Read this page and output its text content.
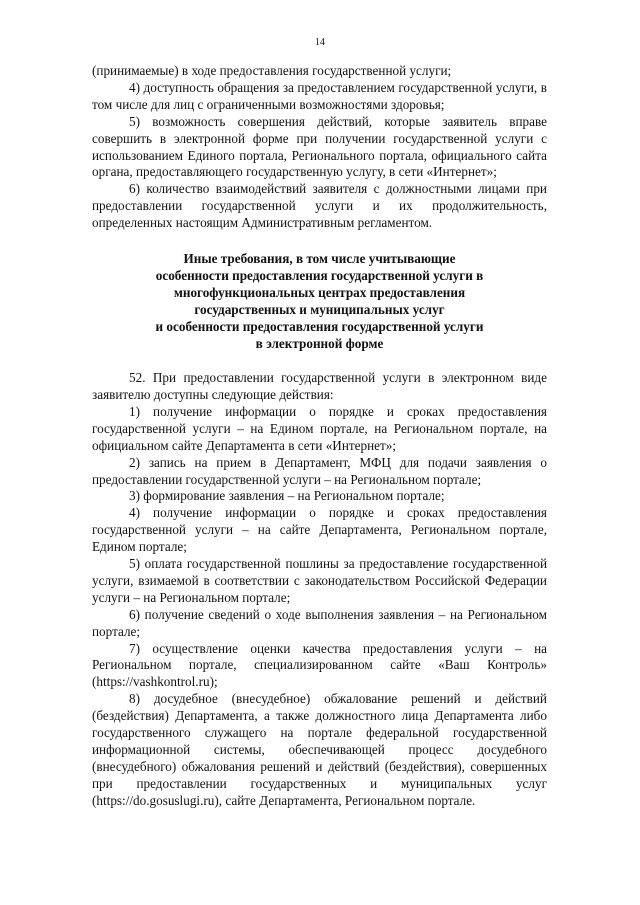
14

(принимаемые) в ходе предоставления государственной услуги;

4) доступность обращения за предоставлением государственной услуги, в том числе для лиц с ограниченными возможностями здоровья;

5) возможность совершения действий, которые заявитель вправе совершить в электронной форме при получении государственной услуги с использованием Единого портала, Регионального портала, официального сайта органа, предоставляющего государственную услугу, в сети «Интернет»;

6) количество взаимодействий заявителя с должностными лицами при предоставлении государственной услуги и их продолжительность, определенных настоящим Административным регламентом.

Иные требования, в том числе учитывающие
особенности предоставления государственной услуги в
многофункциональных центрах предоставления
государственных и муниципальных услуг
и особенности предоставления государственной услуги
в электронной форме

52. При предоставлении государственной услуги в электронном виде заявителю доступны следующие действия:

1) получение информации о порядке и сроках предоставления государственной услуги – на Едином портале, на Региональном портале, на официальном сайте Департамента в сети «Интернет»;

2) запись на прием в Департамент, МФЦ для подачи заявления о предоставлении государственной услуги – на Региональном портале;

3) формирование заявления – на Региональном портале;

4) получение информации о порядке и сроках предоставления государственной услуги – на сайте Департамента, Региональном портале, Едином портале;

5) оплата государственной пошлины за предоставление государственной услуги, взимаемой в соответствии с законодательством Российской Федерации услуги – на Региональном портале;

6) получение сведений о ходе выполнения заявления – на Региональном портале;

7) осуществление оценки качества предоставления услуги – на Региональном портале, специализированном сайте «Ваш Контроль» (https://vashkontrol.ru);

8) досудебное (внесудебное) обжалование решений и действий (бездействия) Департамента, а также должностного лица Департамента либо государственного служащего на портале федеральной государственной информационной системы, обеспечивающей процесс досудебного (внесудебного) обжалования решений и действий (бездействия), совершенных при предоставлении государственных и муниципальных услуг (https://do.gosuslugi.ru), сайте Департамента, Региональном портале.
